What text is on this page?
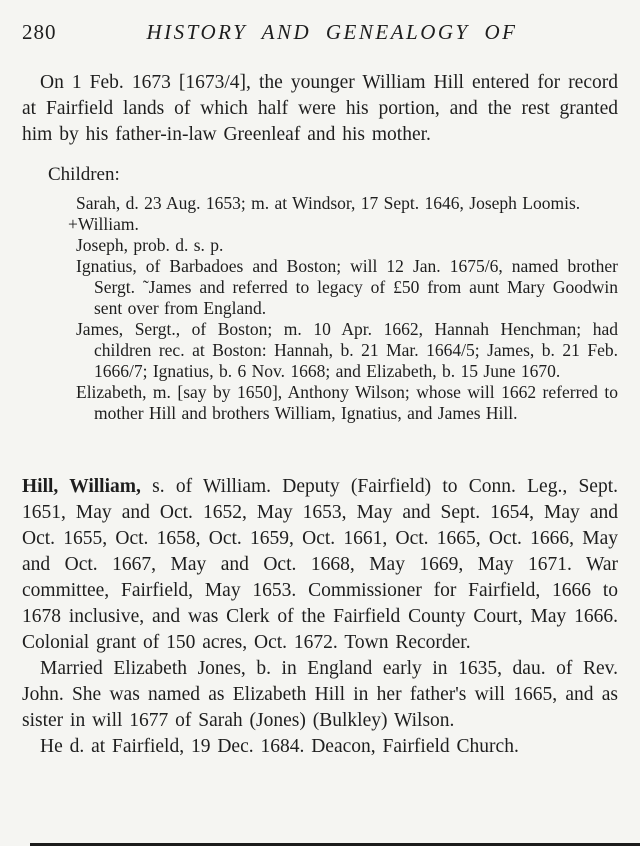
280	HISTORY AND GENEALOGY OF

On 1 Feb. 1673 [1673/4], the younger William Hill entered for record at Fairfield lands of which half were his portion, and the rest granted him by his father-in-law Greenleaf and his mother.

Children:

Sarah, d. 23 Aug. 1653; m. at Windsor, 17 Sept. 1646, Joseph Loomis.
+William.
Joseph, prob. d. s. p.
Ignatius, of Barbadoes and Boston; will 12 Jan. 1675/6, named brother Sergt. ˜James and referred to legacy of £50 from aunt Mary Goodwin sent over from England.
James, Sergt., of Boston; m. 10 Apr. 1662, Hannah Henchman; had children rec. at Boston: Hannah, b. 21 Mar. 1664/5; James, b. 21 Feb. 1666/7; Ignatius, b. 6 Nov. 1668; and Elizabeth, b. 15 June 1670.
Elizabeth, m. [say by 1650], Anthony Wilson; whose will 1662 referred to mother Hill and brothers William, Ignatius, and James Hill.

Hill, William, s. of William. Deputy (Fairfield) to Conn. Leg., Sept. 1651, May and Oct. 1652, May 1653, May and Sept. 1654, May and Oct. 1655, Oct. 1658, Oct. 1659, Oct. 1661, Oct. 1665, Oct. 1666, May and Oct. 1667, May and Oct. 1668, May 1669, May 1671. War committee, Fairfield, May 1653. Commissioner for Fairfield, 1666 to 1678 inclusive, and was Clerk of the Fairfield County Court, May 1666. Colonial grant of 150 acres, Oct. 1672. Town Recorder.

Married Elizabeth Jones, b. in England early in 1635, dau. of Rev. John. She was named as Elizabeth Hill in her father's will 1665, and as sister in will 1677 of Sarah (Jones) (Bulkley) Wilson.

He d. at Fairfield, 19 Dec. 1684. Deacon, Fairfield Church.
